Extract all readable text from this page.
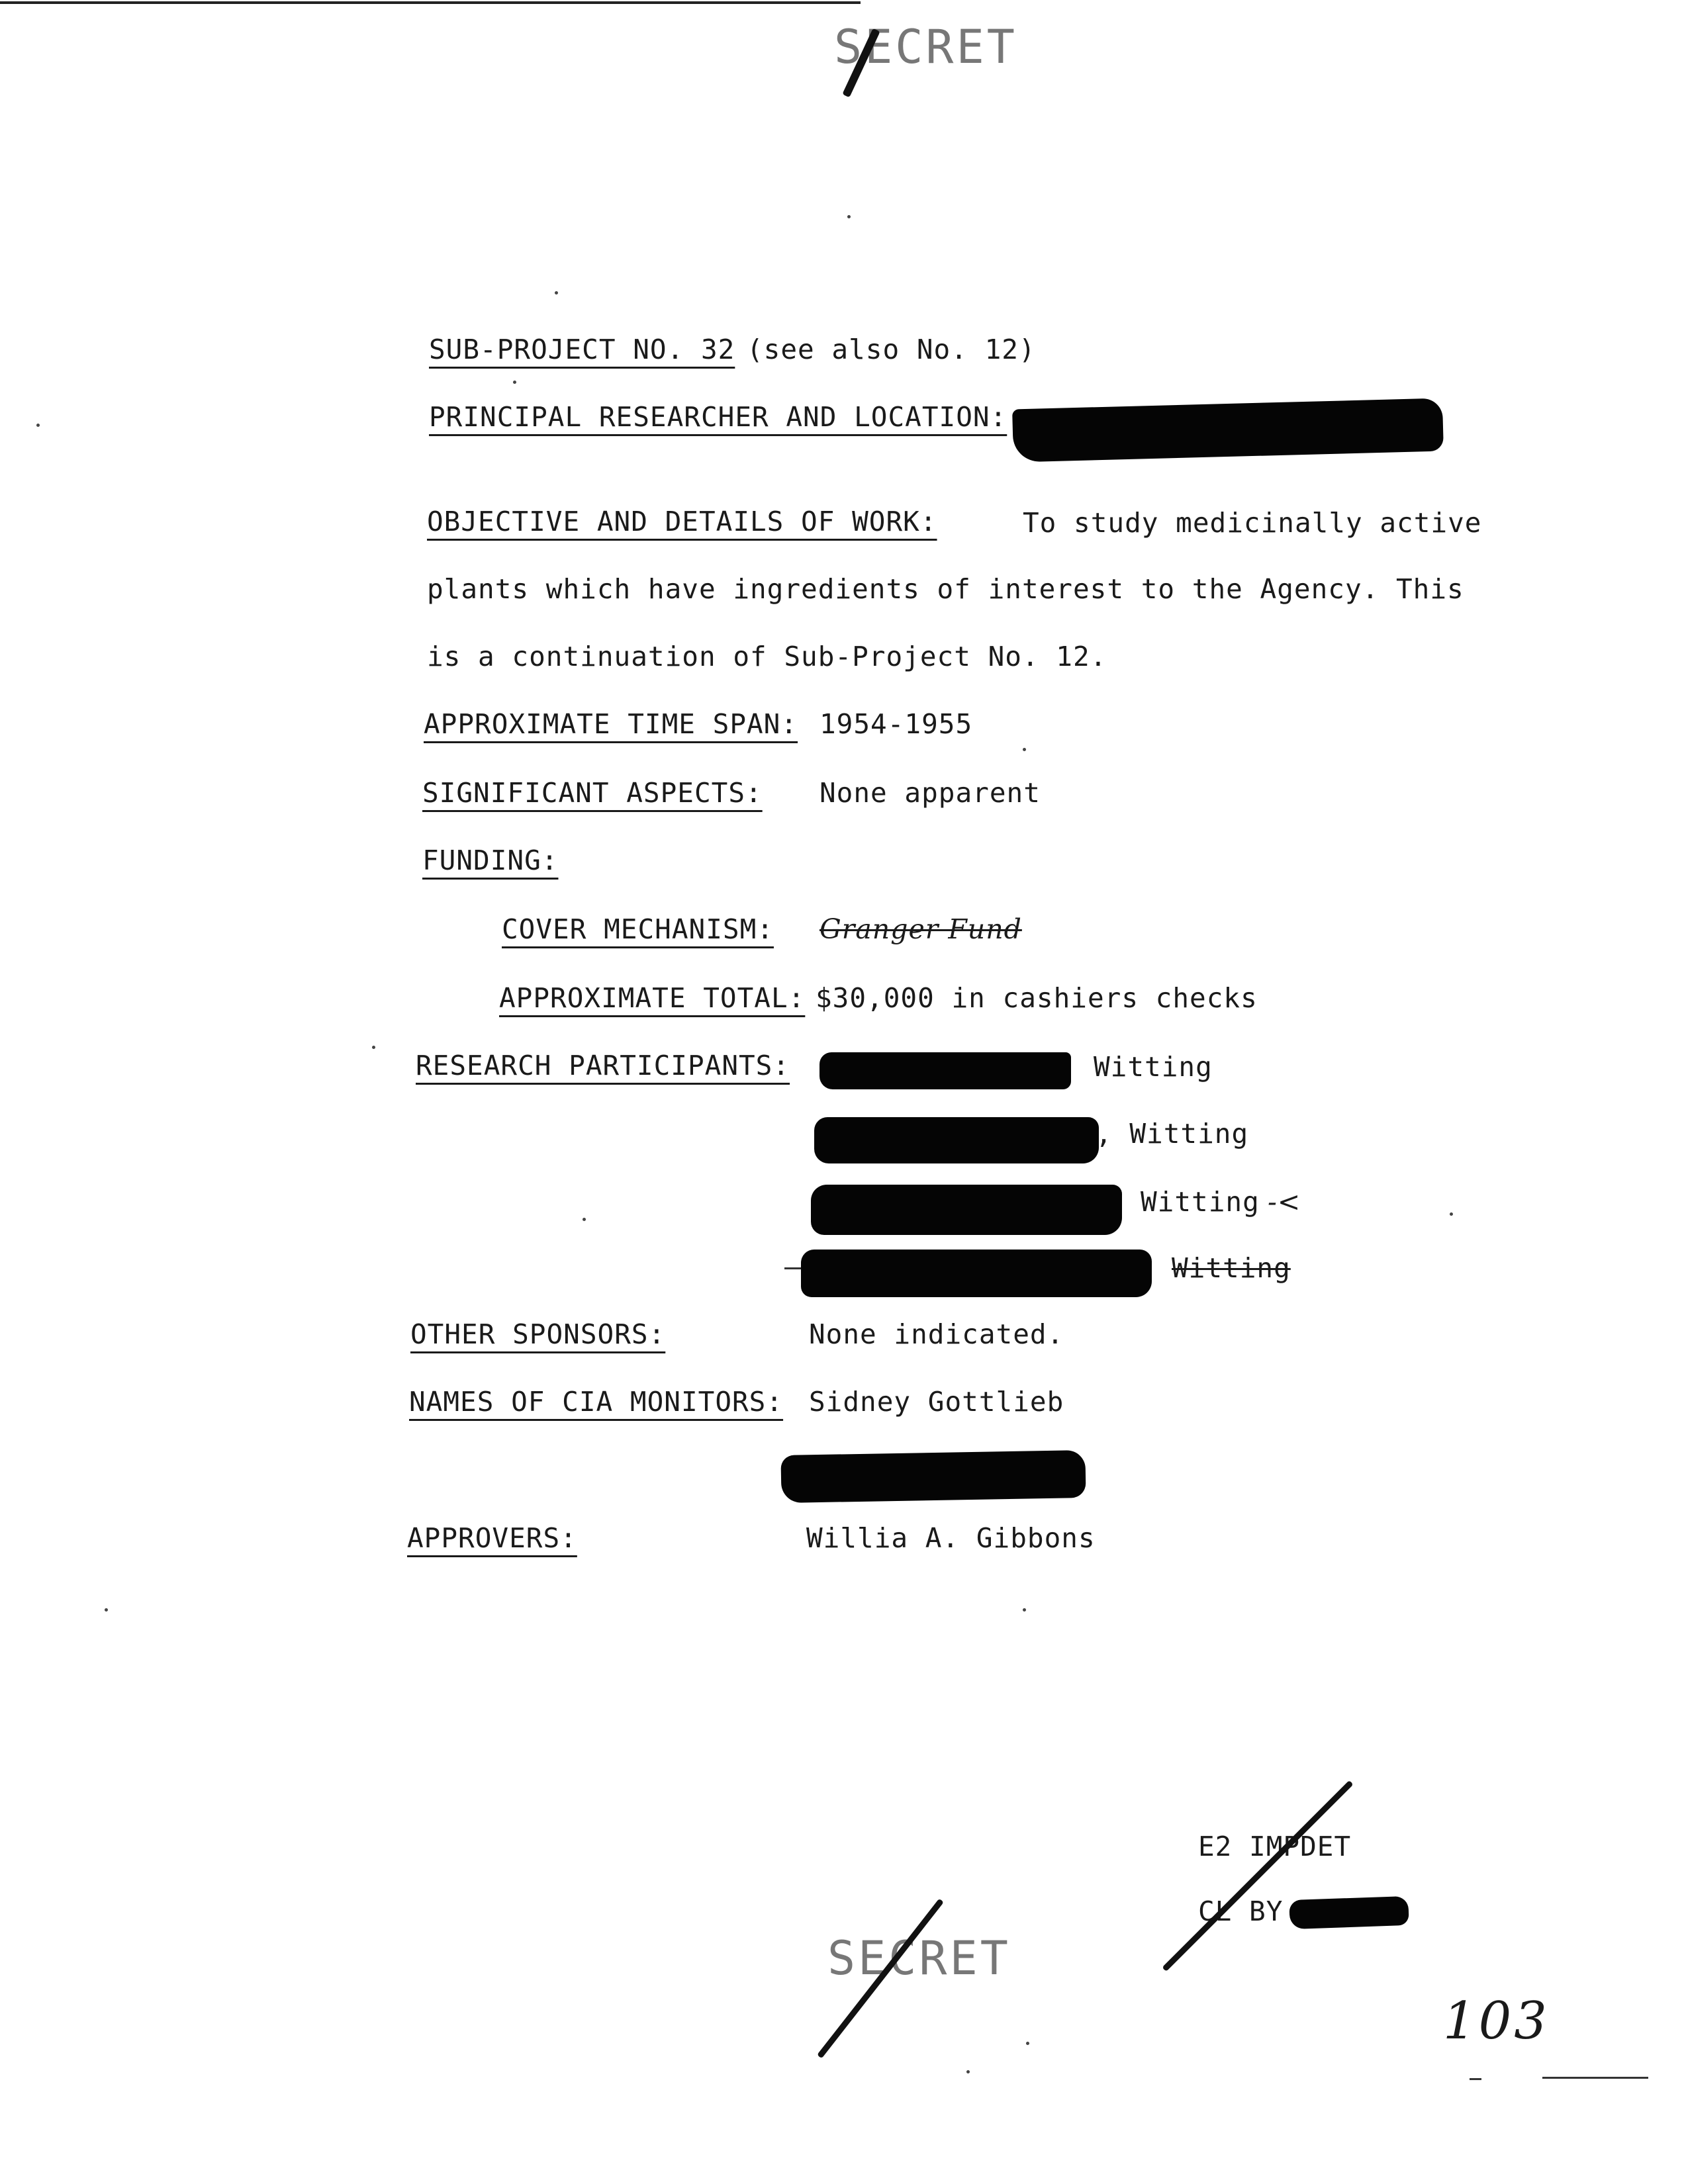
SECRET
SUB-PROJECT NO. 32 (see also No. 12)
PRINCIPAL RESEARCHER AND LOCATION:
OBJECTIVE AND DETAILS OF WORK:	To study medicinally active
plants which have ingredients of interest to the Agency. This
is a continuation of Sub-Project No. 12.
APPROXIMATE TIME SPAN: 1954-1955
SIGNIFICANT ASPECTS: None apparent
FUNDING:
COVER MECHANISM: Granger Fund
APPROXIMATE TOTAL: $30,000 in cashiers checks
RESEARCH PARTICIPANTS:	Witting
, Witting
Witting -<
Witting
OTHER SPONSORS:	None indicated.
NAMES OF CIA MONITORS: Sidney Gottlieb
APPROVERS:	Willia A. Gibbons
E2 IMPDET
CL BY
SECRET
103
